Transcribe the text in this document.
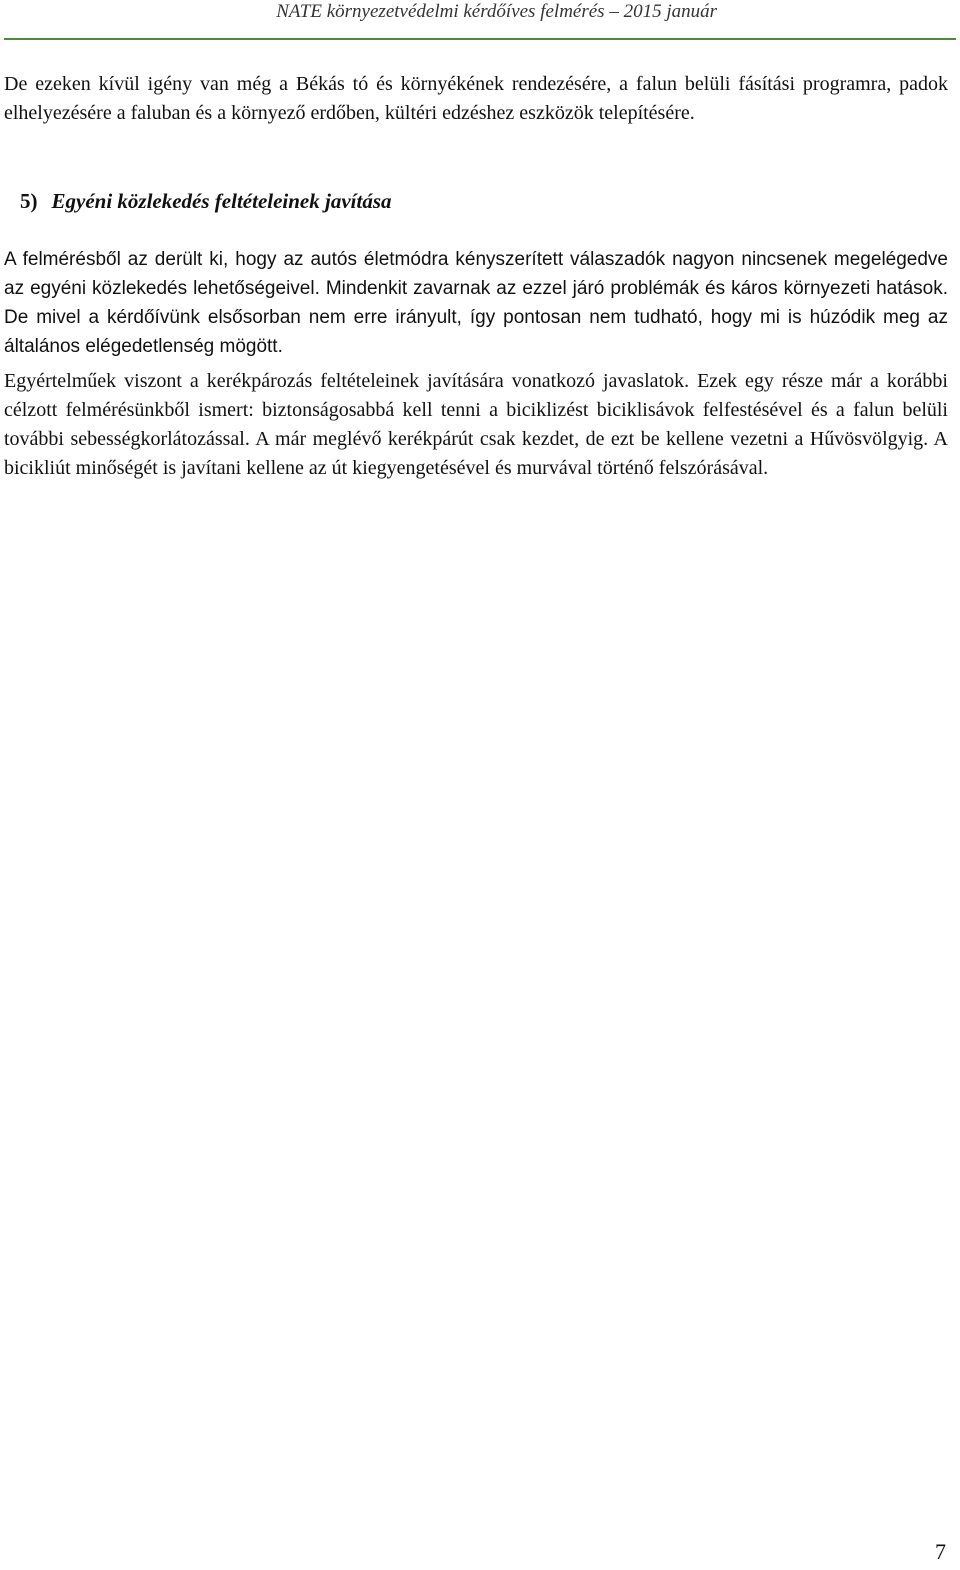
NATE környezetvédelmi kérdőíves felmérés – 2015 január

De ezeken kívül igény van még a Békás tó és környékének rendezésére, a falun belüli fásítási programra, padok elhelyezésére a faluban és a környező erdőben, kültéri edzéshez eszközök telepítésére.

5) Egyéni közlekedés feltételeinek javítása

A felmérésből az derült ki, hogy az autós életmódra kényszerített válaszadók nagyon nincsenek megelégedve az egyéni közlekedés lehetőségeivel. Mindenkit zavarnak az ezzel járó problémák és káros környezeti hatások. De mivel a kérdőívünk elsősorban nem erre irányult, így pontosan nem tudható, hogy mi is húzódik meg az általános elégedetlenség mögött.

Egyértelműek viszont a kerékpározás feltételeinek javítására vonatkozó javaslatok. Ezek egy része már a korábbi célzott felmérésünkből ismert: biztonságosabbá kell tenni a biciklizést biciklisávok felfestésével és a falun belüli további sebességkorlátozással. A már meglévő kerékpárút csak kezdet, de ezt be kellene vezetni a Hűvösvölgyig. A bicikliút minőségét is javítani kellene az út kiegyengetésével és murvával történő felszórásával.

7
